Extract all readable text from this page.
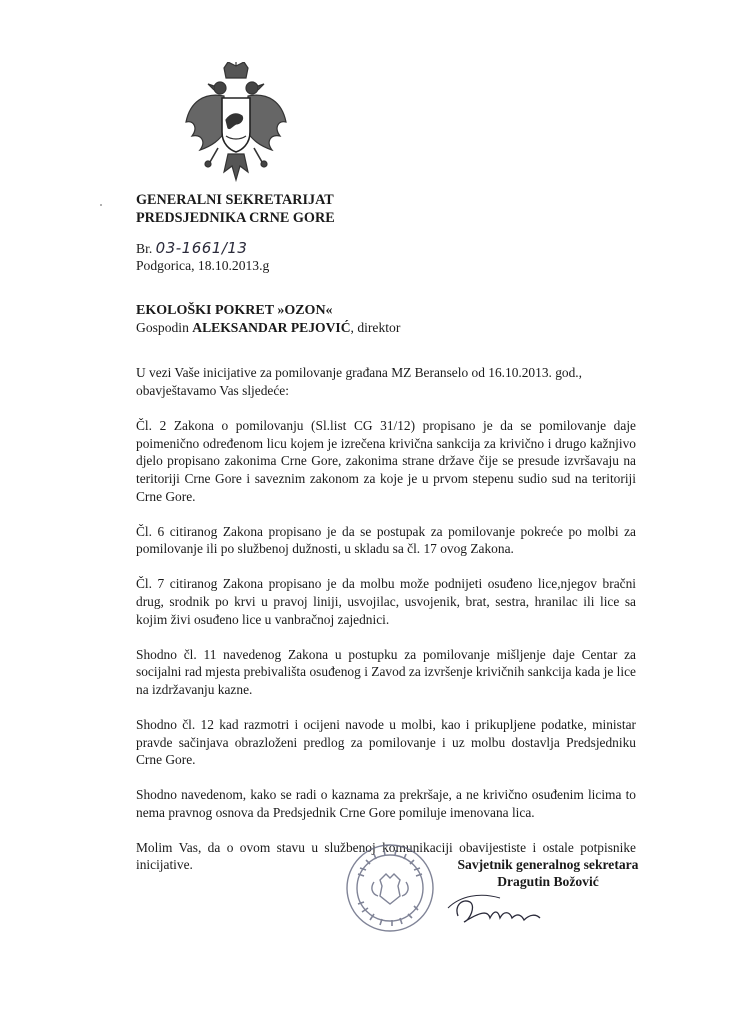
GENERALNI SEKRETARIJAT
PREDSJEDNIKA CRNE GORE
Br. 03-1661/13
Podgorica, 18.10.2013.g
EKOLOŠKI POKRET »OZON«
Gospodin ALEKSANDAR PEJOVIĆ, direktor

U vezi Vaše inicijative za pomilovanje građana MZ Beranselo od 16.10.2013. god., obavještavamo Vas sljedeće:

Čl. 2 Zakona o pomilovanju (Sl.list CG 31/12) propisano je da se pomilovanje daje poimenično određenom licu kojem je izrečena krivična sankcija za krivično i drugo kažnjivo djelo propisano zakonima Crne Gore, zakonima strane države čije se presude izvršavaju na teritoriji Crne Gore i saveznim zakonom za koje je u prvom stepenu sudio sud na teritoriji Crne Gore.

Čl. 6 citiranog Zakona propisano je da se postupak za pomilovanje pokreće po molbi za pomilovanje ili po službenoj dužnosti, u skladu sa čl. 17 ovog Zakona.

Čl. 7 citiranog Zakona propisano je da molbu može podnijeti osuđeno lice,njegov bračni drug, srodnik po krvi u pravoj liniji, usvojilac, usvojenik, brat, sestra, hranilac ili lice sa kojim živi osuđeno lice u vanbračnoj zajednici.

Shodno čl. 11 navedenog Zakona u postupku za pomilovanje mišljenje daje Centar za socijalni rad mjesta prebivališta osuđenog i Zavod za izvršenje krivičnih sankcija kada je lice na izdržavanju kazne.

Shodno čl. 12 kad razmotri i ocijeni navode u molbi, kao i prikupljene podatke, ministar pravde sačinjava obrazloženi predlog za pomilovanje i uz molbu dostavlja Predsjedniku Crne Gore.

Shodno navedenom, kako se radi o kaznama za prekršaje, a ne krivično osuđenim licima to nema pravnog osnova da Predsjednik Crne Gore pomiluje imenovana lica.

Molim Vas, da o ovom stavu u službenoj komunikaciji obavijestiste i ostale potpisnike inicijative.	Savjetnik generalnog sekretara
Dragutin Božović
